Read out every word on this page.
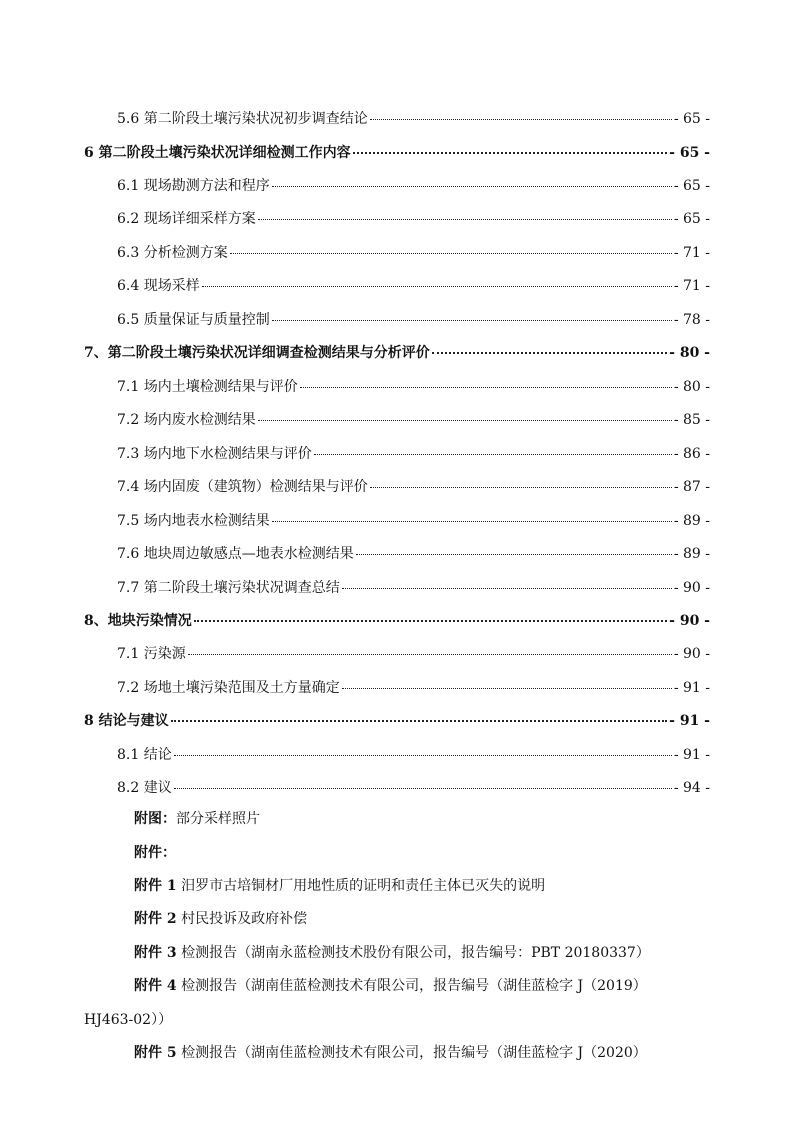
5.6 第二阶段土壤污染状况初步调查结论	- 65 -
6 第二阶段土壤污染状况详细检测工作内容	- 65 -
6.1 现场勘测方法和程序	- 65 -
6.2 现场详细采样方案	- 65 -
6.3 分析检测方案	- 71 -
6.4 现场采样	- 71 -
6.5 质量保证与质量控制	- 78 -
7、第二阶段土壤污染状况详细调查检测结果与分析评价	- 80 -
7.1 场内土壤检测结果与评价	- 80 -
7.2 场内废水检测结果	- 85 -
7.3 场内地下水检测结果与评价	- 86 -
7.4 场内固废（建筑物）检测结果与评价	- 87 -
7.5 场内地表水检测结果	- 89 -
7.6 地块周边敏感点—地表水检测结果	- 89 -
7.7 第二阶段土壤污染状况调查总结	- 90 -
8、地块污染情况	- 90 -
7.1 污染源	- 90 -
7.2 场地土壤污染范围及土方量确定	- 91 -
8 结论与建议	- 91 -
8.1 结论	- 91 -
8.2 建议	- 94 -
附图：部分采样照片
附件：
附件 1 汨罗市古培铜材厂用地性质的证明和责任主体已灭失的说明
附件 2 村民投诉及政府补偿
附件 3 检测报告（湖南永蓝检测技术股份有限公司，报告编号：PBT 20180337）
附件 4 检测报告（湖南佳蓝检测技术有限公司，报告编号（湖佳蓝检字 J（2019）
HJ463-02））
附件 5 检测报告（湖南佳蓝检测技术有限公司，报告编号（湖佳蓝检字 J（2020）
